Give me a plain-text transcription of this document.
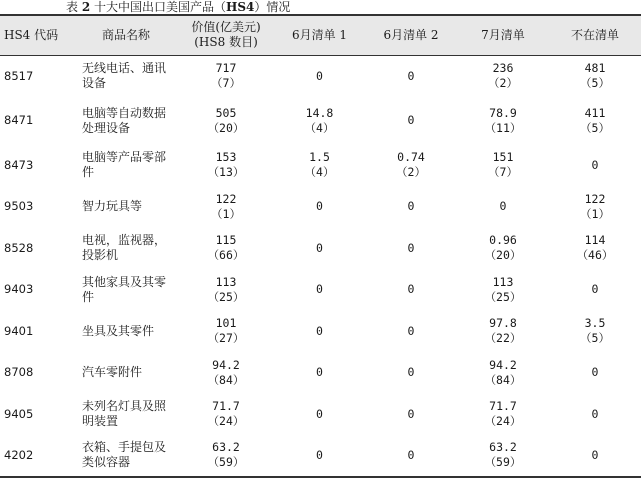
表 2 十大中国出口美国产品（HS4）情况
HS4 代码	商品名称	价值(亿美元)
(HS8 数目)	6月清单 1	6月清单 2	7月清单	不在清单
8517	无线电话、通讯设备	717
（7）	0	0	236
（2）	481
（5）

8471	电脑等自动数据处理设备	505
（20）	14.8
（4）	0	78.9
（11）	411
（5）

8473	电脑等产品零部件	153
（13）	1.5
（4）	0.74
（2）	151
（7）	0

9503	智力玩具等	122
（1）	0	0	0	122
（1）

8528	电视，监视器，投影机	115
（66）	0	0	0.96
（20）	114
（46）

9403	其他家具及其零件	113
（25）	0	0	113
（25）	0

9401	坐具及其零件	101
（27）	0	0	97.8
（22）	3.5
（5）

8708	汽车零附件	94.2
（84）	0	0	94.2
（84）	0

9405	未列名灯具及照明装置	71.7
（24）	0	0	71.7
（24）	0

4202	衣箱、手提包及类似容器	63.2
（59）	0	0	63.2
（59）	0
